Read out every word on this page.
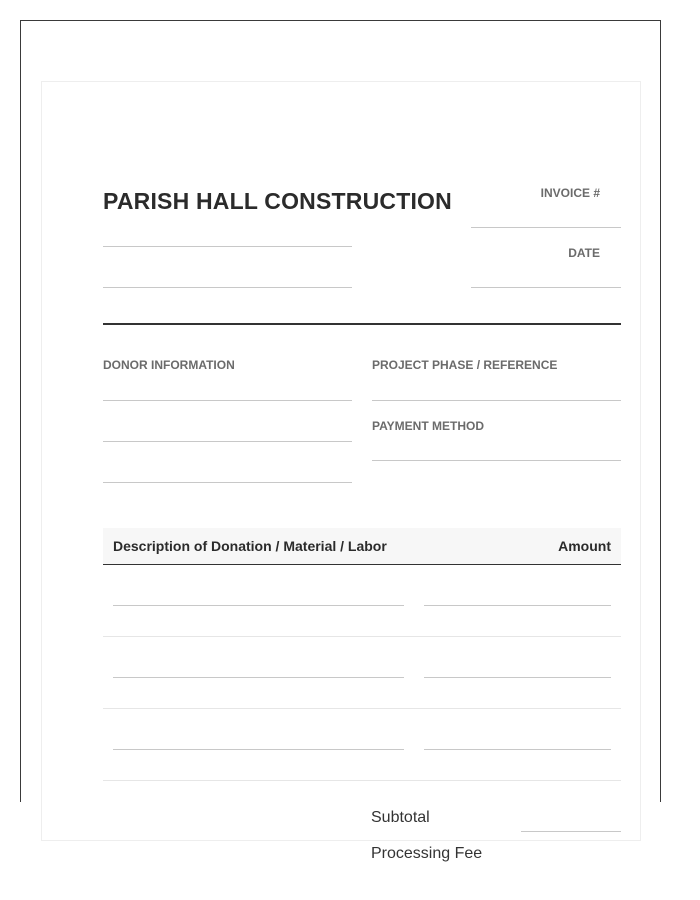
PARISH HALL CONSTRUCTION	INVOICE #
DATE
DONOR INFORMATION	PROJECT PHASE / REFERENCE
PAYMENT METHOD
Description of Donation / Material / Labor	Amount
Subtotal
Processing Fee
